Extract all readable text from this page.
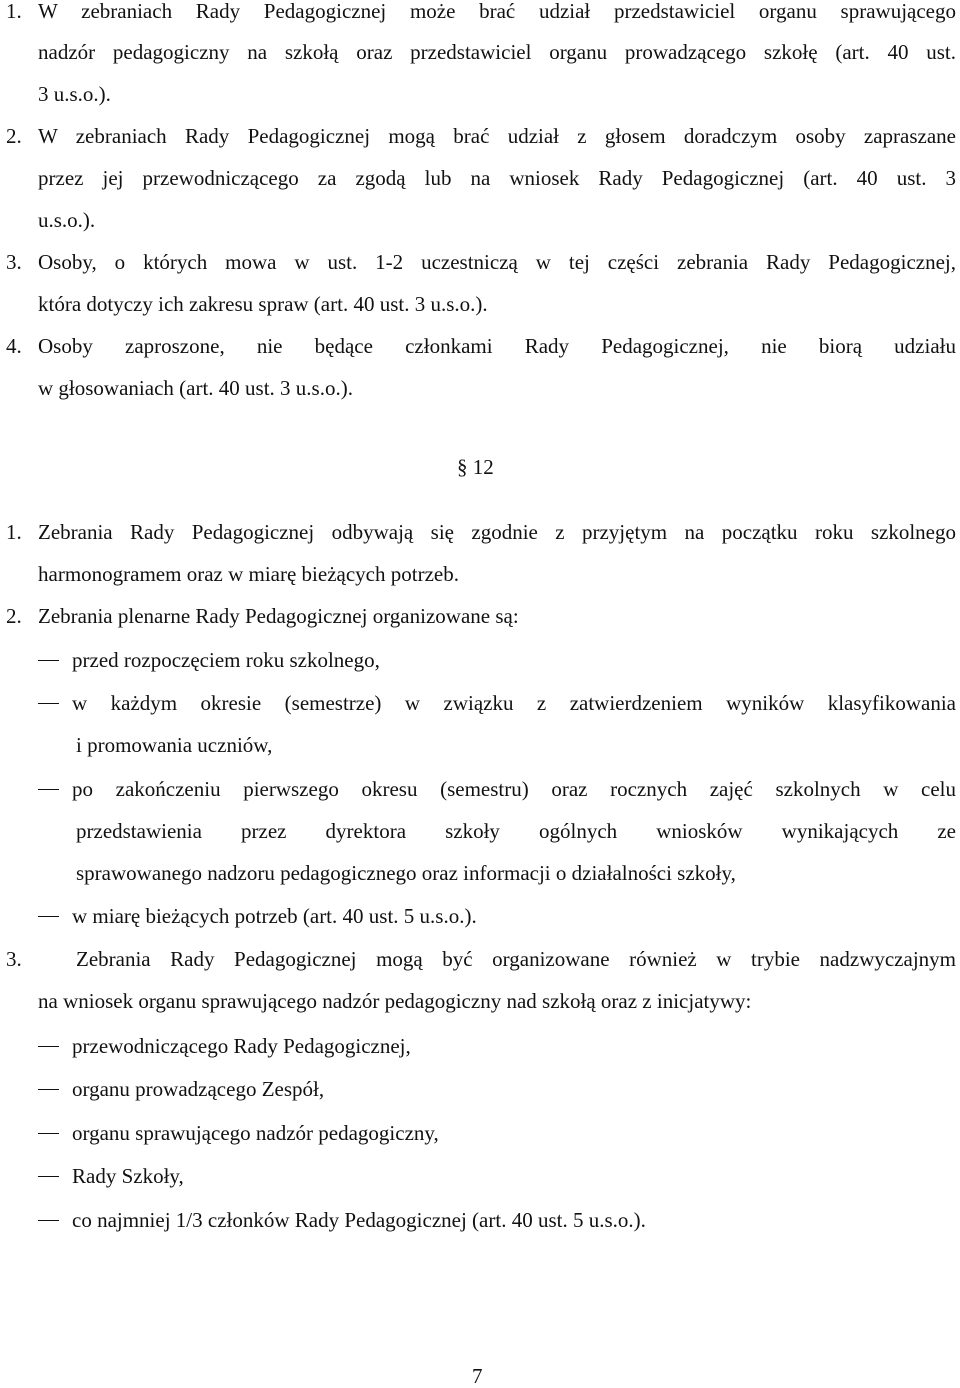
1. W zebraniach Rady Pedagogicznej może brać udział przedstawiciel organu sprawującego
nadzór pedagogiczny na szkołą oraz przedstawiciel organu prowadzącego szkołę (art. 40 ust.
3 u.s.o.).
2. W zebraniach Rady Pedagogicznej mogą brać udział z głosem doradczym osoby zapraszane
przez jej przewodniczącego za zgodą lub na wniosek Rady Pedagogicznej (art. 40 ust. 3
u.s.o.).
3. Osoby, o których mowa w ust. 1-2 uczestniczą w tej części zebrania Rady Pedagogicznej,
która dotyczy ich zakresu spraw (art. 40 ust. 3 u.s.o.).
4. Osoby zaproszone, nie będące członkami Rady Pedagogicznej, nie biorą udziału
w głosowaniach (art. 40 ust. 3 u.s.o.).
§ 12
1. Zebrania Rady Pedagogicznej odbywają się zgodnie z przyjętym na początku roku szkolnego
harmonogramem oraz w miarę bieżących potrzeb.
2. Zebrania plenarne Rady Pedagogicznej organizowane są:
przed rozpoczęciem roku szkolnego,
w każdym okresie (semestrze) w związku z zatwierdzeniem wyników klasyfikowania
i promowania uczniów,
po zakończeniu pierwszego okresu (semestru) oraz rocznych zajęć szkolnych w celu
przedstawienia przez dyrektora szkoły ogólnych wniosków wynikających ze
sprawowanego nadzoru pedagogicznego oraz informacji o działalności szkoły,
w miarę bieżących potrzeb (art. 40 ust. 5 u.s.o.).
3.	Zebrania Rady Pedagogicznej mogą być organizowane również w trybie nadzwyczajnym
na wniosek organu sprawującego nadzór pedagogiczny nad szkołą oraz z inicjatywy:
przewodniczącego Rady Pedagogicznej,
organu prowadzącego Zespół,
organu sprawującego nadzór pedagogiczny,
Rady Szkoły,
co najmniej 1/3 członków Rady Pedagogicznej (art. 40 ust. 5 u.s.o.).
7
